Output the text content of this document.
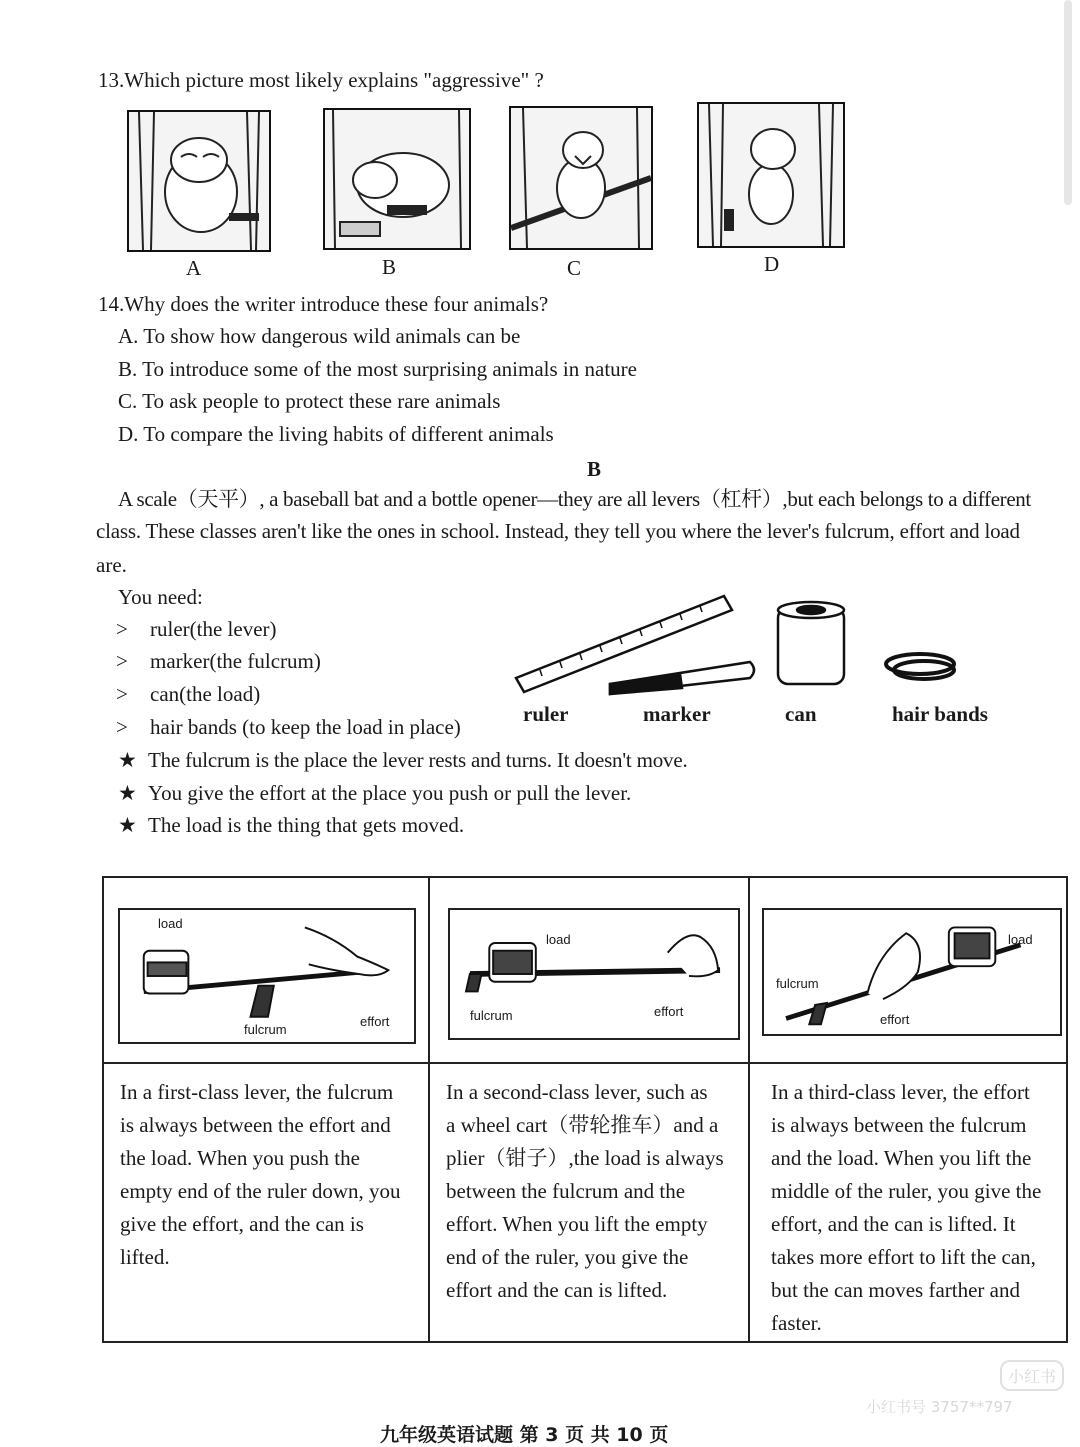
13.Which picture most likely explains "aggressive" ?
A	B	C	D
14.Why does the writer introduce these four animals?
A. To show how dangerous wild animals can be
B. To introduce some of the most surprising animals in nature
C. To ask people to protect these rare animals
D. To compare the living habits of different animals
B
A scale（天平）, a baseball bat and a bottle opener—they are all levers（杠杆）,but each belongs to a different
class. These classes aren't like the ones in school. Instead, they tell you where the lever's fulcrum, effort and load
are.
You need:
> ruler(the lever)
> marker(the fulcrum)
> can(the load)
> hair bands (to keep the load in place)
ruler	marker	can	hair bands
★ The fulcrum is the place the lever rests and turns. It doesn't move.
★ You give the effort at the place you push or pull the lever.
★ The load is the thing that gets moved.
load
fulcrum
effort
load
fulcrum	effort
load
fulcrum
effort
In a first-class lever, the fulcrum
is always between the effort and
the load. When you push the
empty end of the ruler down, you
give the effort, and the can is
lifted.
In a second-class lever, such as
a wheel cart（带轮推车）and a
plier（钳子）,the load is always
between the fulcrum and the
effort. When you lift the empty
end of the ruler, you give the
effort and the can is lifted.
In a third-class lever, the effort
is always between the fulcrum
and the load. When you lift the
middle of the ruler, you give the
effort, and the can is lifted. It
takes more effort to lift the can,
but the can moves farther and
faster.
小红书
小红书号 3757**797
九年级英语试题 第 3 页 共 10 页
